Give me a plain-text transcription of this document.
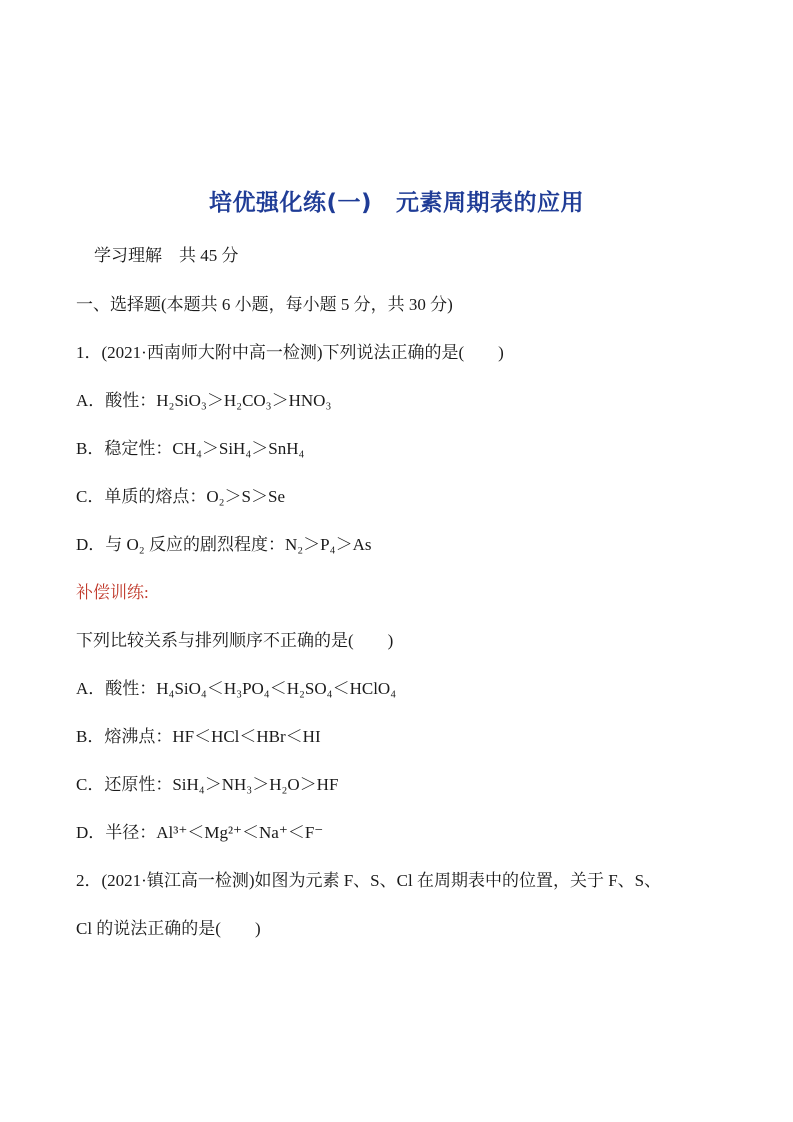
培优强化练(一) 元素周期表的应用
学习理解　共 45 分
一、选择题(本题共 6 小题，每小题 5 分，共 30 分)
1．(2021·西南师大附中高一检测)下列说法正确的是( )
A．酸性：H₂SiO₃＞H₂CO₃＞HNO₃
B．稳定性：CH₄＞SiH₄＞SnH₄
C．单质的熔点：O₂＞S＞Se
D．与 O₂ 反应的剧烈程度：N₂＞P₄＞As
补偿训练:
下列比较关系与排列顺序不正确的是( )
A．酸性：H₄SiO₄＜H₃PO₄＜H₂SO₄＜HClO₄
B．熔沸点：HF＜HCl＜HBr＜HI
C．还原性：SiH₄＞NH₃＞H₂O＞HF
D．半径：Al³⁺＜Mg²⁺＜Na⁺＜F⁻
2．(2021·镇江高一检测)如图为元素 F、S、Cl 在周期表中的位置，关于 F、S、
Cl 的说法正确的是( )
